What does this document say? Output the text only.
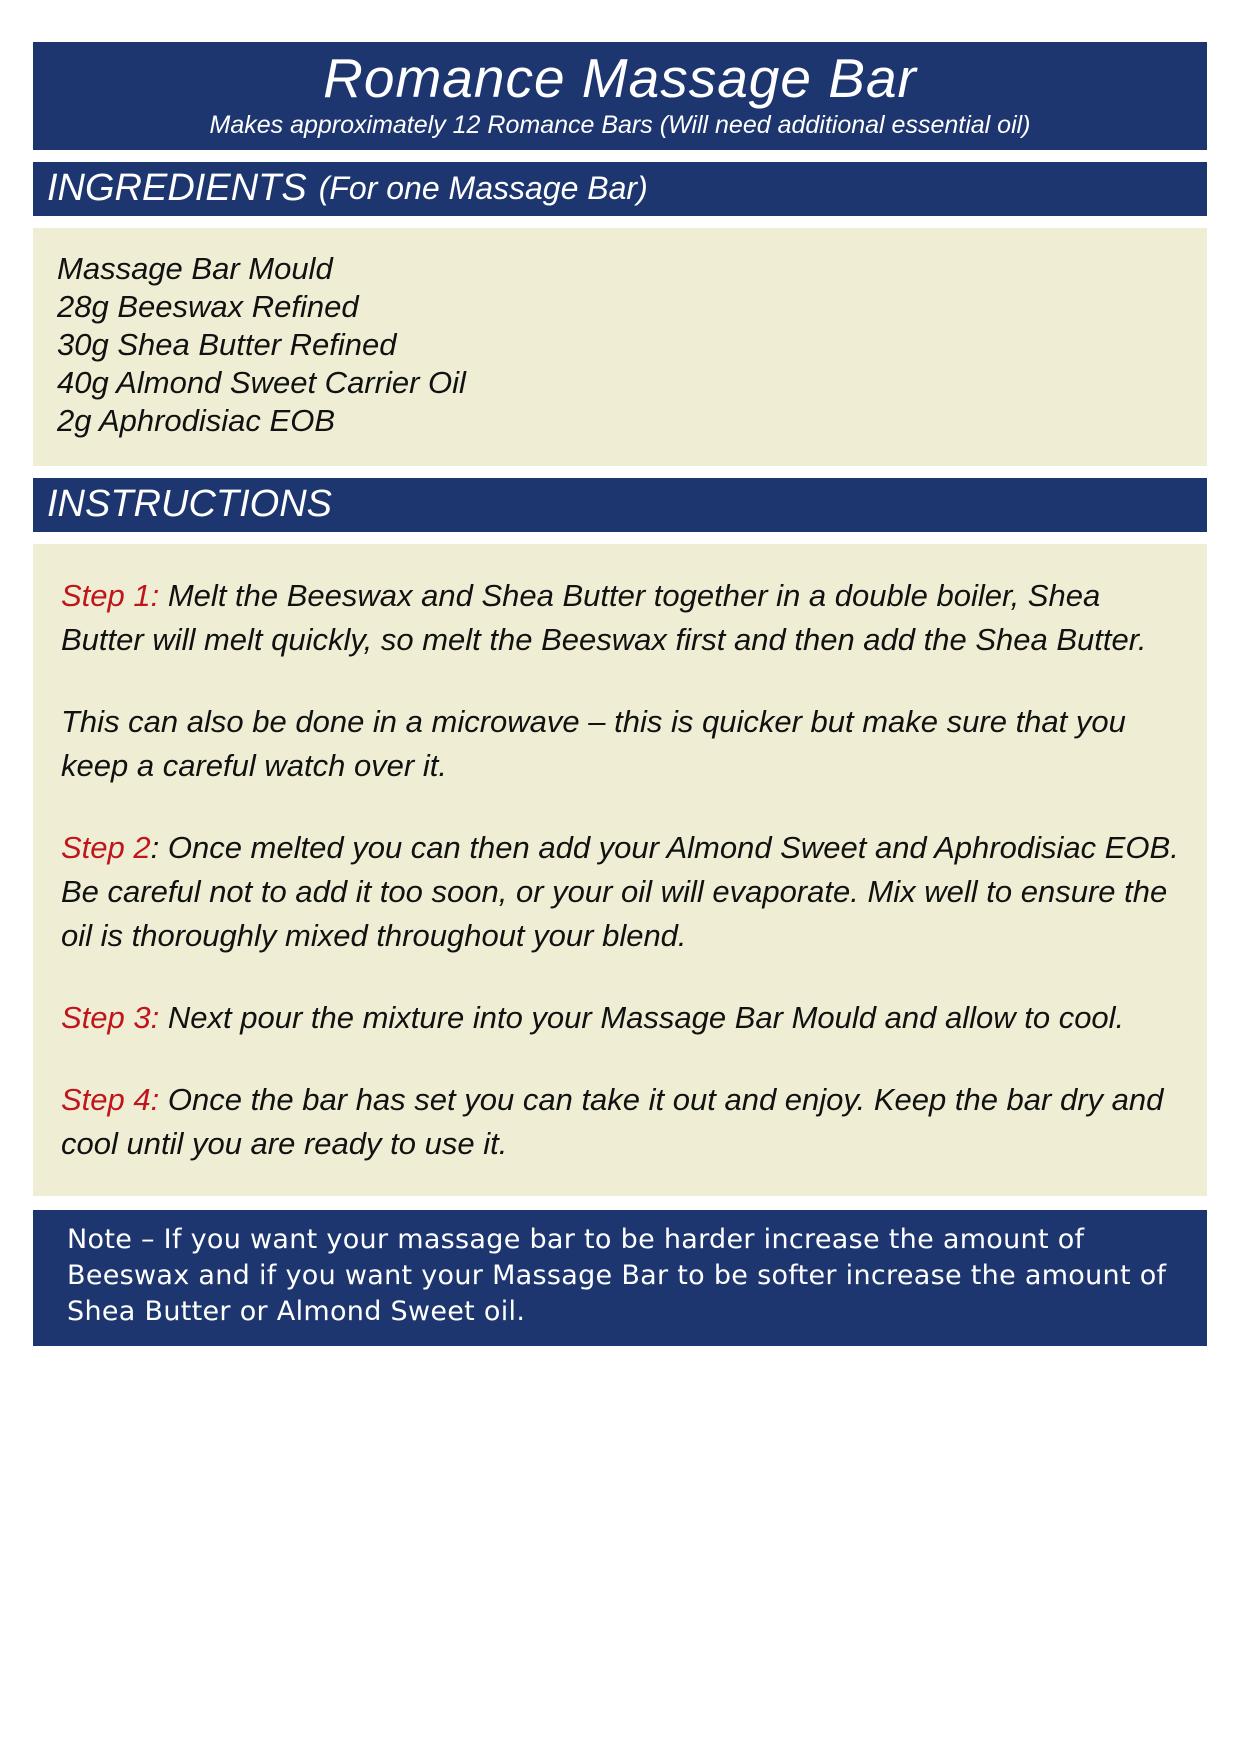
Romance Massage Bar
Makes approximately 12 Romance Bars (Will need additional essential oil)
INGREDIENTS (For one Massage Bar)
Massage Bar Mould
28g Beeswax Refined
30g Shea Butter Refined
40g Almond Sweet Carrier Oil
2g Aphrodisiac EOB
INSTRUCTIONS
Step 1: Melt the Beeswax and Shea Butter together in a double boiler, Shea Butter will melt quickly, so melt the Beeswax first and then add the Shea Butter.
This can also be done in a microwave – this is quicker but make sure that you keep a careful watch over it.
Step 2: Once melted you can then add your Almond Sweet and Aphrodisiac EOB. Be careful not to add it too soon, or your oil will evaporate. Mix well to ensure the oil is thoroughly mixed throughout your blend.
Step 3: Next pour the mixture into your Massage Bar Mould and allow to cool.
Step 4: Once the bar has set you can take it out and enjoy. Keep the bar dry and cool until you are ready to use it.
Note – If you want your massage bar to be harder increase the amount of Beeswax and if you want your Massage Bar to be softer increase the amount of Shea Butter or Almond Sweet oil.
